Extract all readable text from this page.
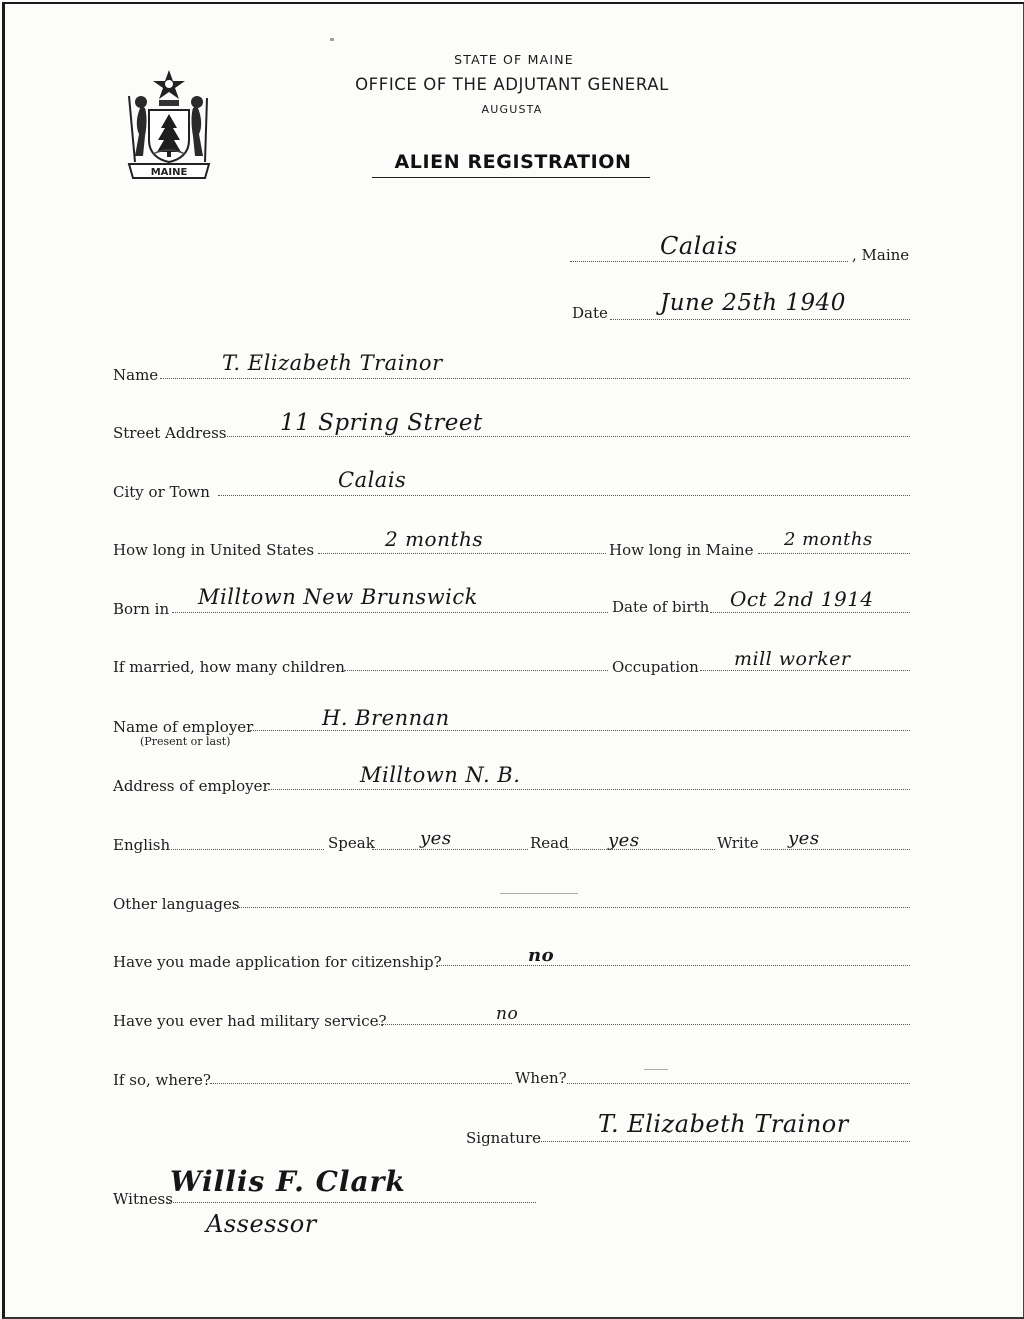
MAINE
STATE OF MAINE
OFFICE OF THE ADJUTANT GENERAL
AUGUSTA
ALIEN REGISTRATION
Calais	, Maine
Date June 25th 1940
Name	T. Elizabeth Trainor
Street Address 11 Spring Street
City or Town	Calais
How long in United States	2 months	How long in Maine 2 months
Born in Milltown New Brunswick	Date of birth Oct 2nd 1914
If married, how many children	Occupation mill worker
Name of employer
(Present or last)
H. Brennan
Address of employer	Milltown N. B.
English	Speak	yes	Read yes	Write yes
Other languages
Have you made application for citizenship?	no
Have you ever had military service?	no
If so, where?	When?
Signature T. Elizabeth Trainor
Witness
Willis F. Clark
Assessor
